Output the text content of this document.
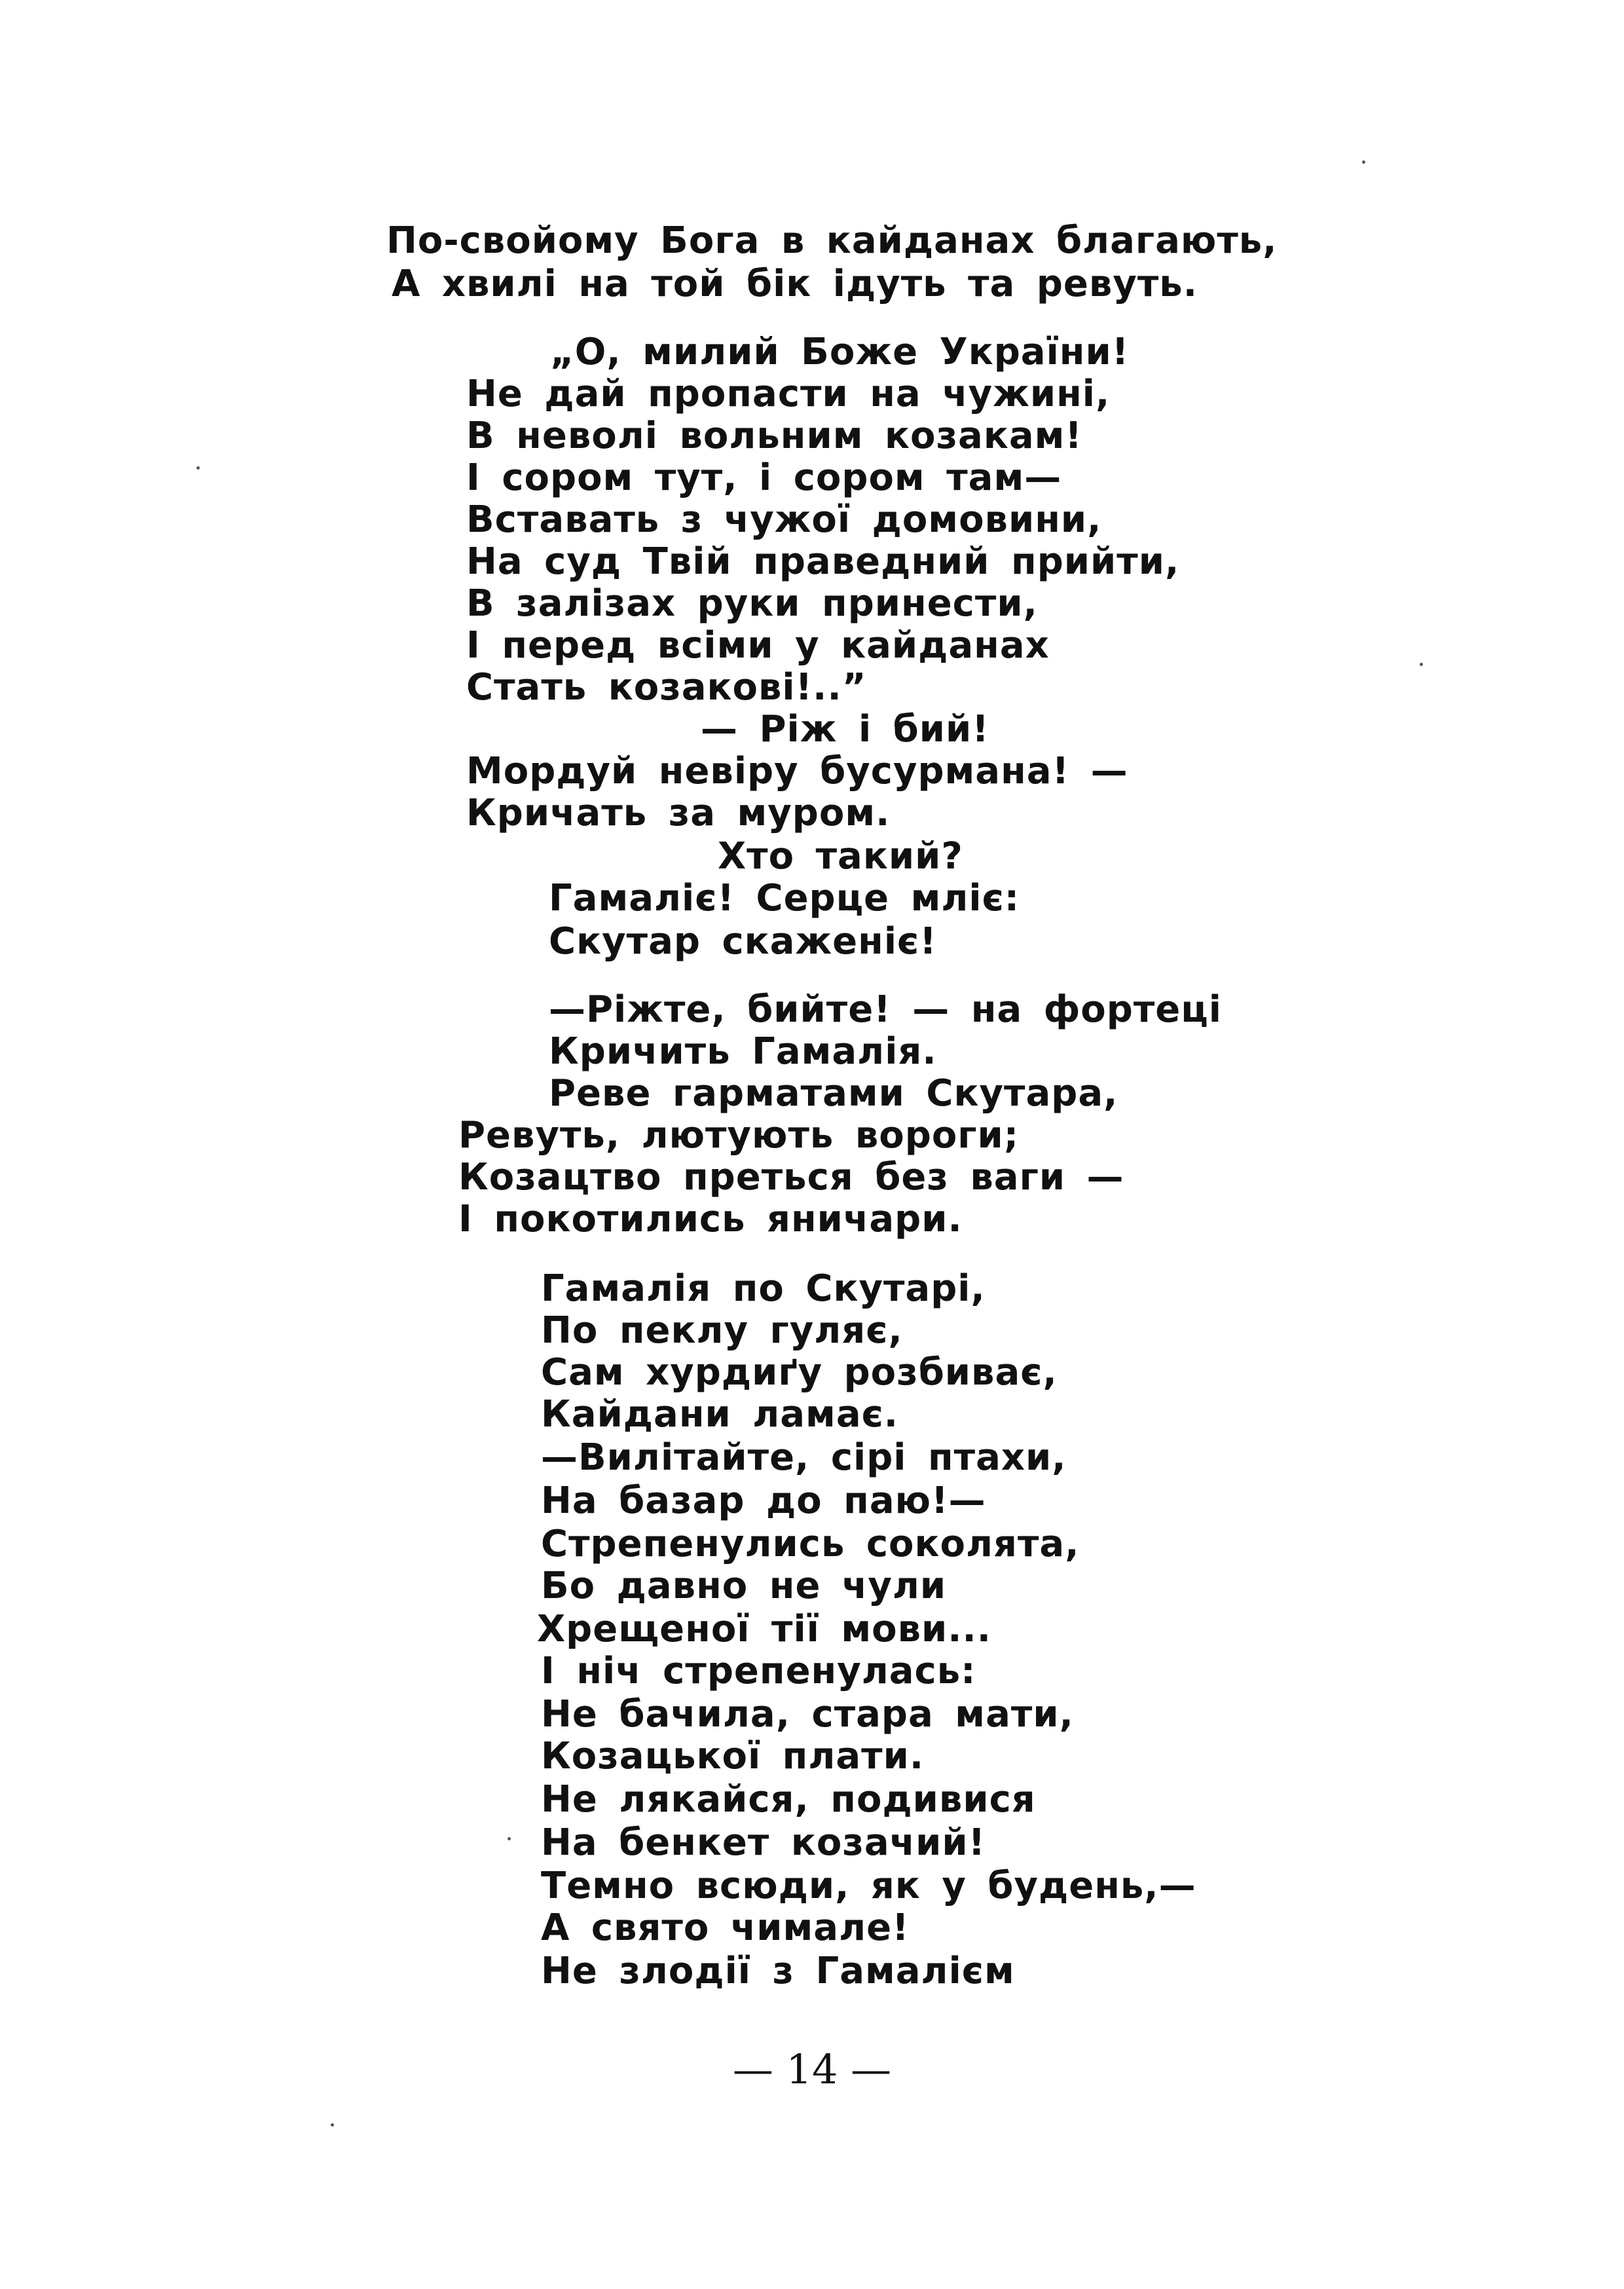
По-свойому Бога в кайданах благають,
А хвилі на той бік ідуть та ревуть.
„О, милий Боже України!
Не дай пропасти на чужині,
В неволі вольним козакам!
І сором тут, і сором там—
Вставать з чужої домовини,
На суд Твій праведний прийти,
В залізах руки принести,
І перед всіми у кайданах
Стать козакові!..”
— Ріж і бий!
Мордуй невіру бусурмана! —
Кричать за муром.
Хто такий?
Гамаліє! Серце мліє:
Скутар скаженіє!
—Ріжте, бийте! — на фортеці
Кричить Гамалія.
Реве гарматами Скутара,
Ревуть, лютують вороги;
Козацтво преться без ваги —
І покотились яничари.
Гамалія по Скутарі,
По пеклу гуляє,
Сам хурдиґу розбиває,
Кайдани ламає.
—Вилітайте, сірі птахи,
На базар до паю!—
Стрепенулись соколята,
Бо давно не чули
Хрещеної тії мови...
І ніч стрепенулась:
Не бачила, стара мати,
Козацької плати.
Не лякайся, подивися
На бенкет козачий!
Темно всюди, як у будень,—
А свято чимале!
Не злодії з Гамалієм
— 14 —
